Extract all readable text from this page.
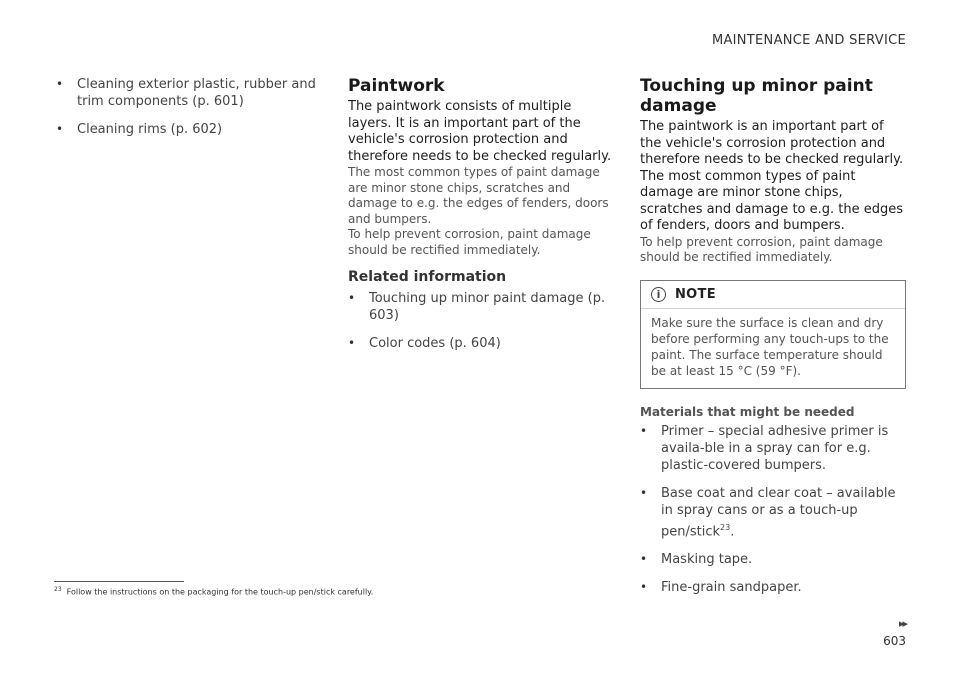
MAINTENANCE AND SERVICE
• Cleaning exterior plastic, rubber and trim components (p. 601)
• Cleaning rims (p. 602)
Paintwork

The paintwork consists of multiple layers. It is an important part of the vehicle's corrosion protection and therefore needs to be checked regularly.

The most common types of paint damage are minor stone chips, scratches and damage to e.g. the edges of fenders, doors and bumpers.

To help prevent corrosion, paint damage should be rectified immediately.

Related information
• Touching up minor paint damage (p. 603)
• Color codes (p. 604)
Touching up minor paint damage

The paintwork is an important part of the vehicle's corrosion protection and therefore needs to be checked regularly. The most common types of paint damage are minor stone chips, scratches and damage to e.g. the edges of fenders, doors and bumpers.

To help prevent corrosion, paint damage should be rectified immediately.

i	NOTE
Make sure the surface is clean and dry before performing any touch-ups to the paint. The surface temperature should be at least 15 °C (59 °F).
Materials that might be needed
• Primer – special adhesive primer is availa-ble in a spray can for e.g. plastic-covered bumpers.
• Base coat and clear coat – available in spray cans or as a touch-up pen/stick$^{23}$.
• Masking tape.
• Fine-grain sandpaper.
$^{23}$ Follow the instructions on the packaging for the touch-up pen/stick carefully.
▸▸
603
